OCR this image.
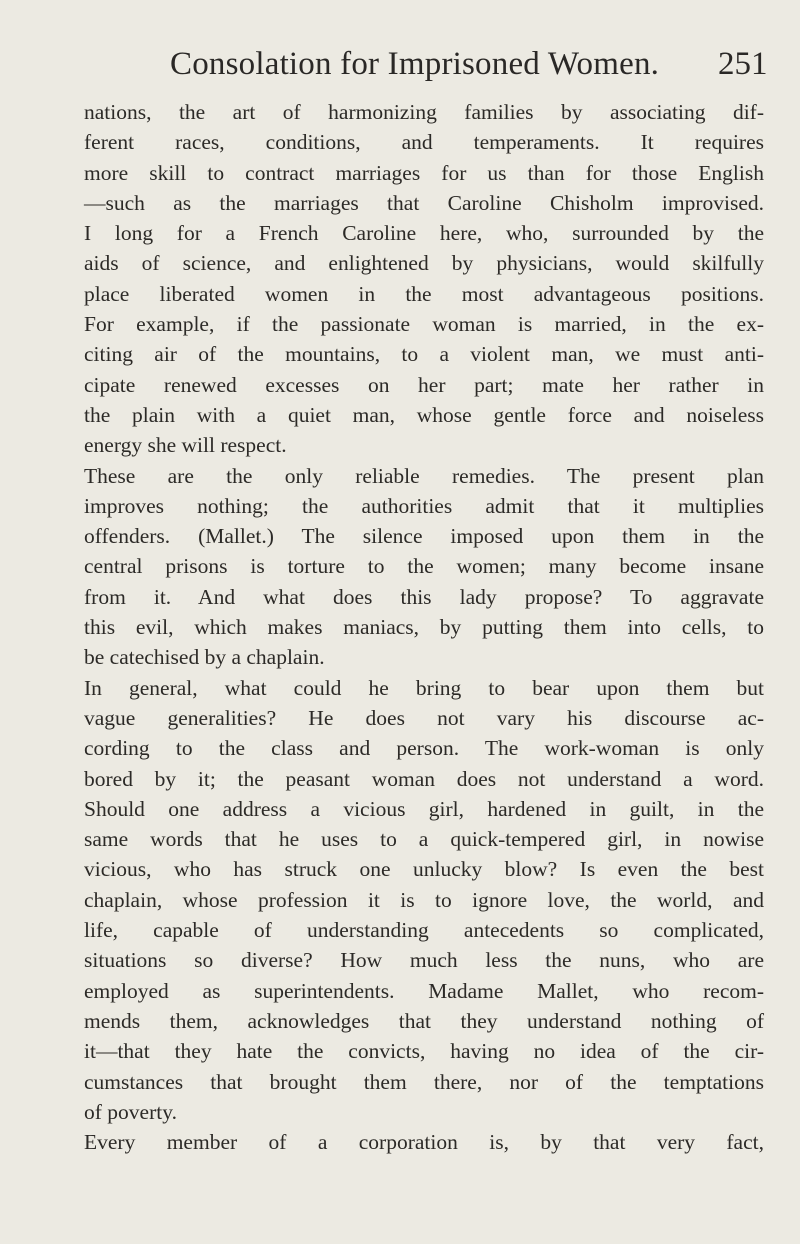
Consolation for Imprisoned Women. 251
nations, the art of harmonizing families by associating dif-
ferent races, conditions, and temperaments. It requires
more skill to contract marriages for us than for those English
—such as the marriages that Caroline Chisholm improvised.
I long for a French Caroline here, who, surrounded by the
aids of science, and enlightened by physicians, would skilfully
place liberated women in the most advantageous positions.
For example, if the passionate woman is married, in the ex-
citing air of the mountains, to a violent man, we must anti-
cipate renewed excesses on her part; mate her rather in
the plain with a quiet man, whose gentle force and noiseless
energy she will respect.
These are the only reliable remedies. The present plan
improves nothing; the authorities admit that it multiplies
offenders. (Mallet.) The silence imposed upon them in the
central prisons is torture to the women; many become insane
from it. And what does this lady propose? To aggravate
this evil, which makes maniacs, by putting them into cells, to
be catechised by a chaplain.
In general, what could he bring to bear upon them but
vague generalities? He does not vary his discourse ac-
cording to the class and person. The work-woman is only
bored by it; the peasant woman does not understand a word.
Should one address a vicious girl, hardened in guilt, in the
same words that he uses to a quick-tempered girl, in nowise
vicious, who has struck one unlucky blow? Is even the best
chaplain, whose profession it is to ignore love, the world, and
life, capable of understanding antecedents so complicated,
situations so diverse? How much less the nuns, who are
employed as superintendents. Madame Mallet, who recom-
mends them, acknowledges that they understand nothing of
it—that they hate the convicts, having no idea of the cir-
cumstances that brought them there, nor of the temptations
of poverty.
Every member of a corporation is, by that very fact,
